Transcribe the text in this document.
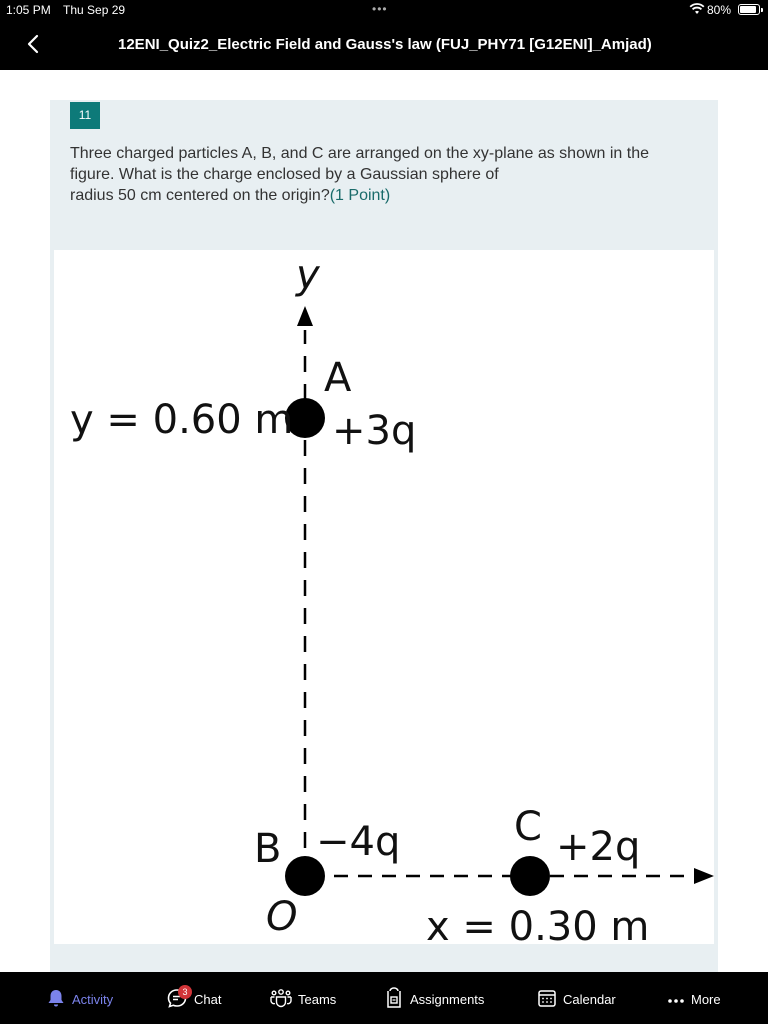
1:05 PM Thu Sep 29	•••	80%
12ENI_Quiz2_Electric Field and Gauss's law (FUJ_PHY71 [G12ENI]_Amjad)
11
Three charged particles A, B, and C are arranged on the xy-plane as shown in the
figure. What is the charge enclosed by a Gaussian sphere of
radius 50 cm centered on the origin?(1 Point)
y
A
+3q
y = 0.60 m
B −4q
O
C +2q
x = 0.30 m
Activity	3 Chat	Teams	Assignments	Calendar	More
